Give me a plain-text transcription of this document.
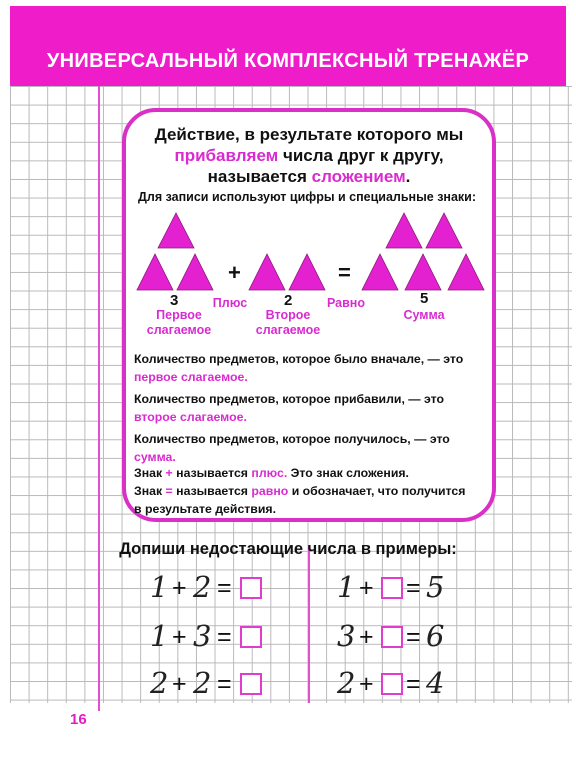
УНИВЕРСАЛЬНЫЙ КОМПЛЕКСНЫЙ ТРЕНАЖЁР
Действие, в результате которого мы
прибавляем числа друг к другу,
называется сложением.
Для записи используют цифры и специальные знаки:
+	=
3	2	5
Первое слагаемое
Плюс
Второе слагаемое
Равно
Сумма
Количество предметов, которое было вначале, — это
первое слагаемое.
Количество предметов, которое прибавили, — это
второе слагаемое.
Количество предметов, которое получилось, — это
сумма.
Знак + называется плюс. Это знак сложения.
Знак = называется равно и обозначает, что получится
в результате действия.
Допиши недостающие числа в примеры:
1 + 2 =
1 + 3 =
2 + 2 =
1 + = 5
3 + = 6
2 + = 4
16
